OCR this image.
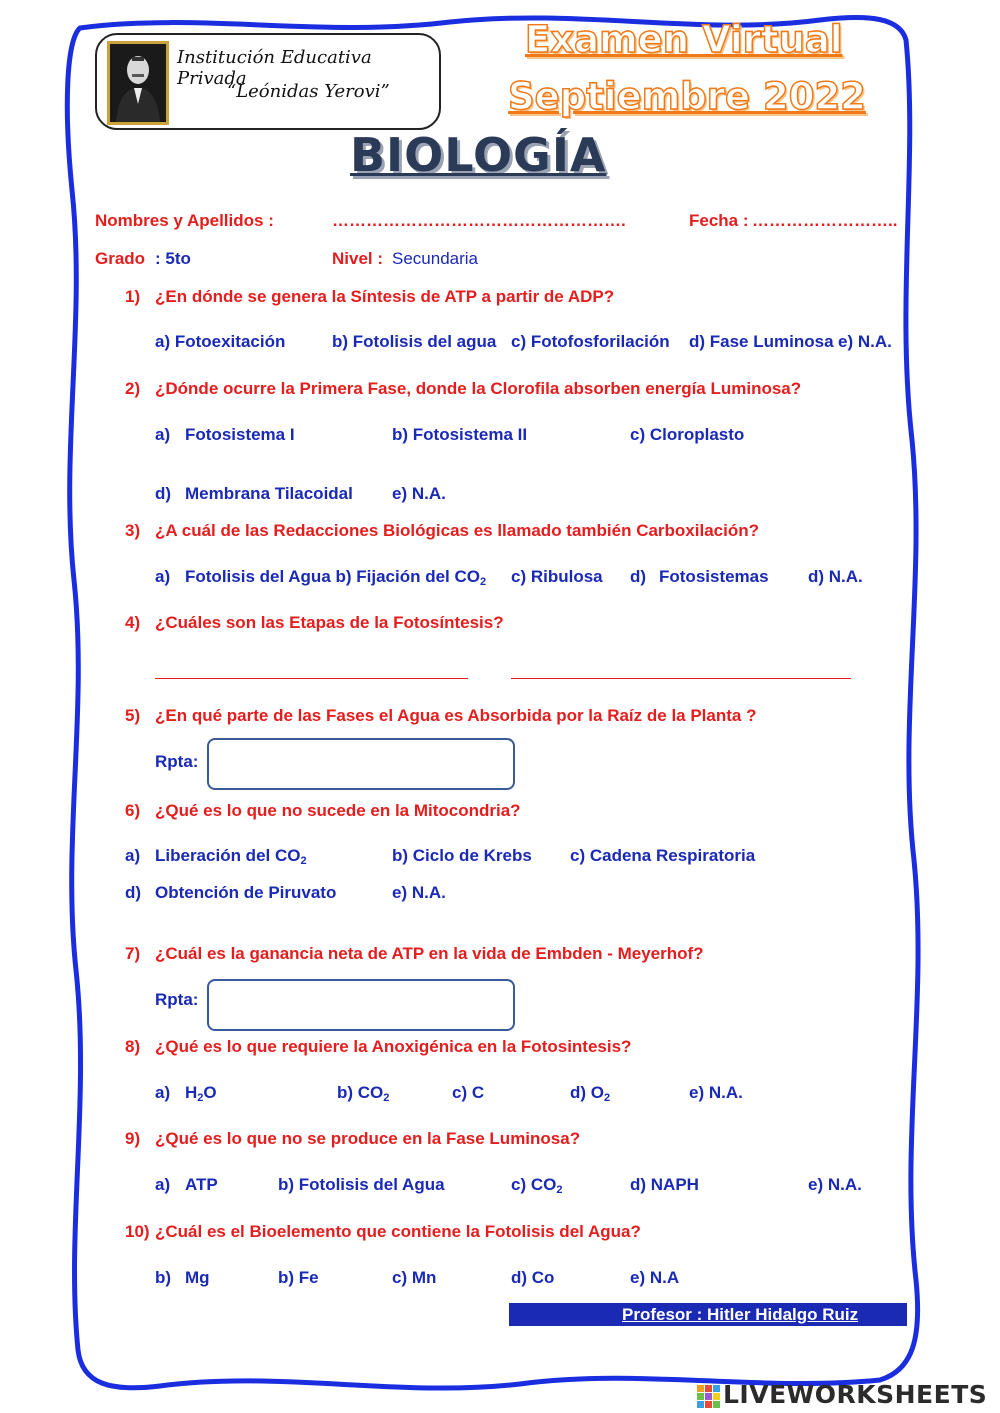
Institución Educativa Privada
“Leónidas Yerovi”
Examen Virtual
Septiembre 2022
BIOLOGÍA
Nombres y Apellidos :	…………………………………………….	Fecha : ……………………..
Grado : 5to	Nivel : Secundaria
1) ¿En dónde se genera la Síntesis de ATP a partir de ADP?
a) Fotoexitación	b) Fotolisis del agua c) Fotofosforilación d) Fase Luminosa e) N.A.
2) ¿Dónde ocurre la Primera Fase, donde la Clorofila absorben energía Luminosa?
a) Fotosistema I	b) Fotosistema II	c) Cloroplasto
d) Membrana Tilacoidal e) N.A.
3) ¿A cuál de las Redacciones Biológicas es llamado también Carboxilación?
a) Fotolisis del Agua b) Fijación del $CO_2$ c) Ribulosa d) Fotosistemas d) N.A.
4) ¿Cuáles son las Etapas de la Fotosíntesis?
5) ¿En qué parte de las Fases el Agua es Absorbida por la Raíz de la Planta ?
Rpta:
6) ¿Qué es lo que no sucede en la Mitocondria?
a) Liberación del $CO_2$	b) Ciclo de Krebs c) Cadena Respiratoria
d) Obtención de Piruvato	e) N.A.
7) ¿Cuál es la ganancia neta de ATP en la vida de Embden - Meyerhof?
Rpta:
8) ¿Qué es lo que requiere la Anoxigénica en la Fotosintesis?
a) $H_2O$	b) $CO_2$	c) C	d) $O_2$	e) N.A.
9) ¿Qué es lo que no se produce en la Fase Luminosa?
a) ATP	b) Fotolisis del Agua	c) $CO_2$	d) NAPH	e) N.A.
10) ¿Cuál es el Bioelemento que contiene la Fotolisis del Agua?
b) Mg	b) Fe	c) Mn	d) Co	e) N.A
Profesor : Hitler Hidalgo Ruiz
LIVEWORKSHEETS
